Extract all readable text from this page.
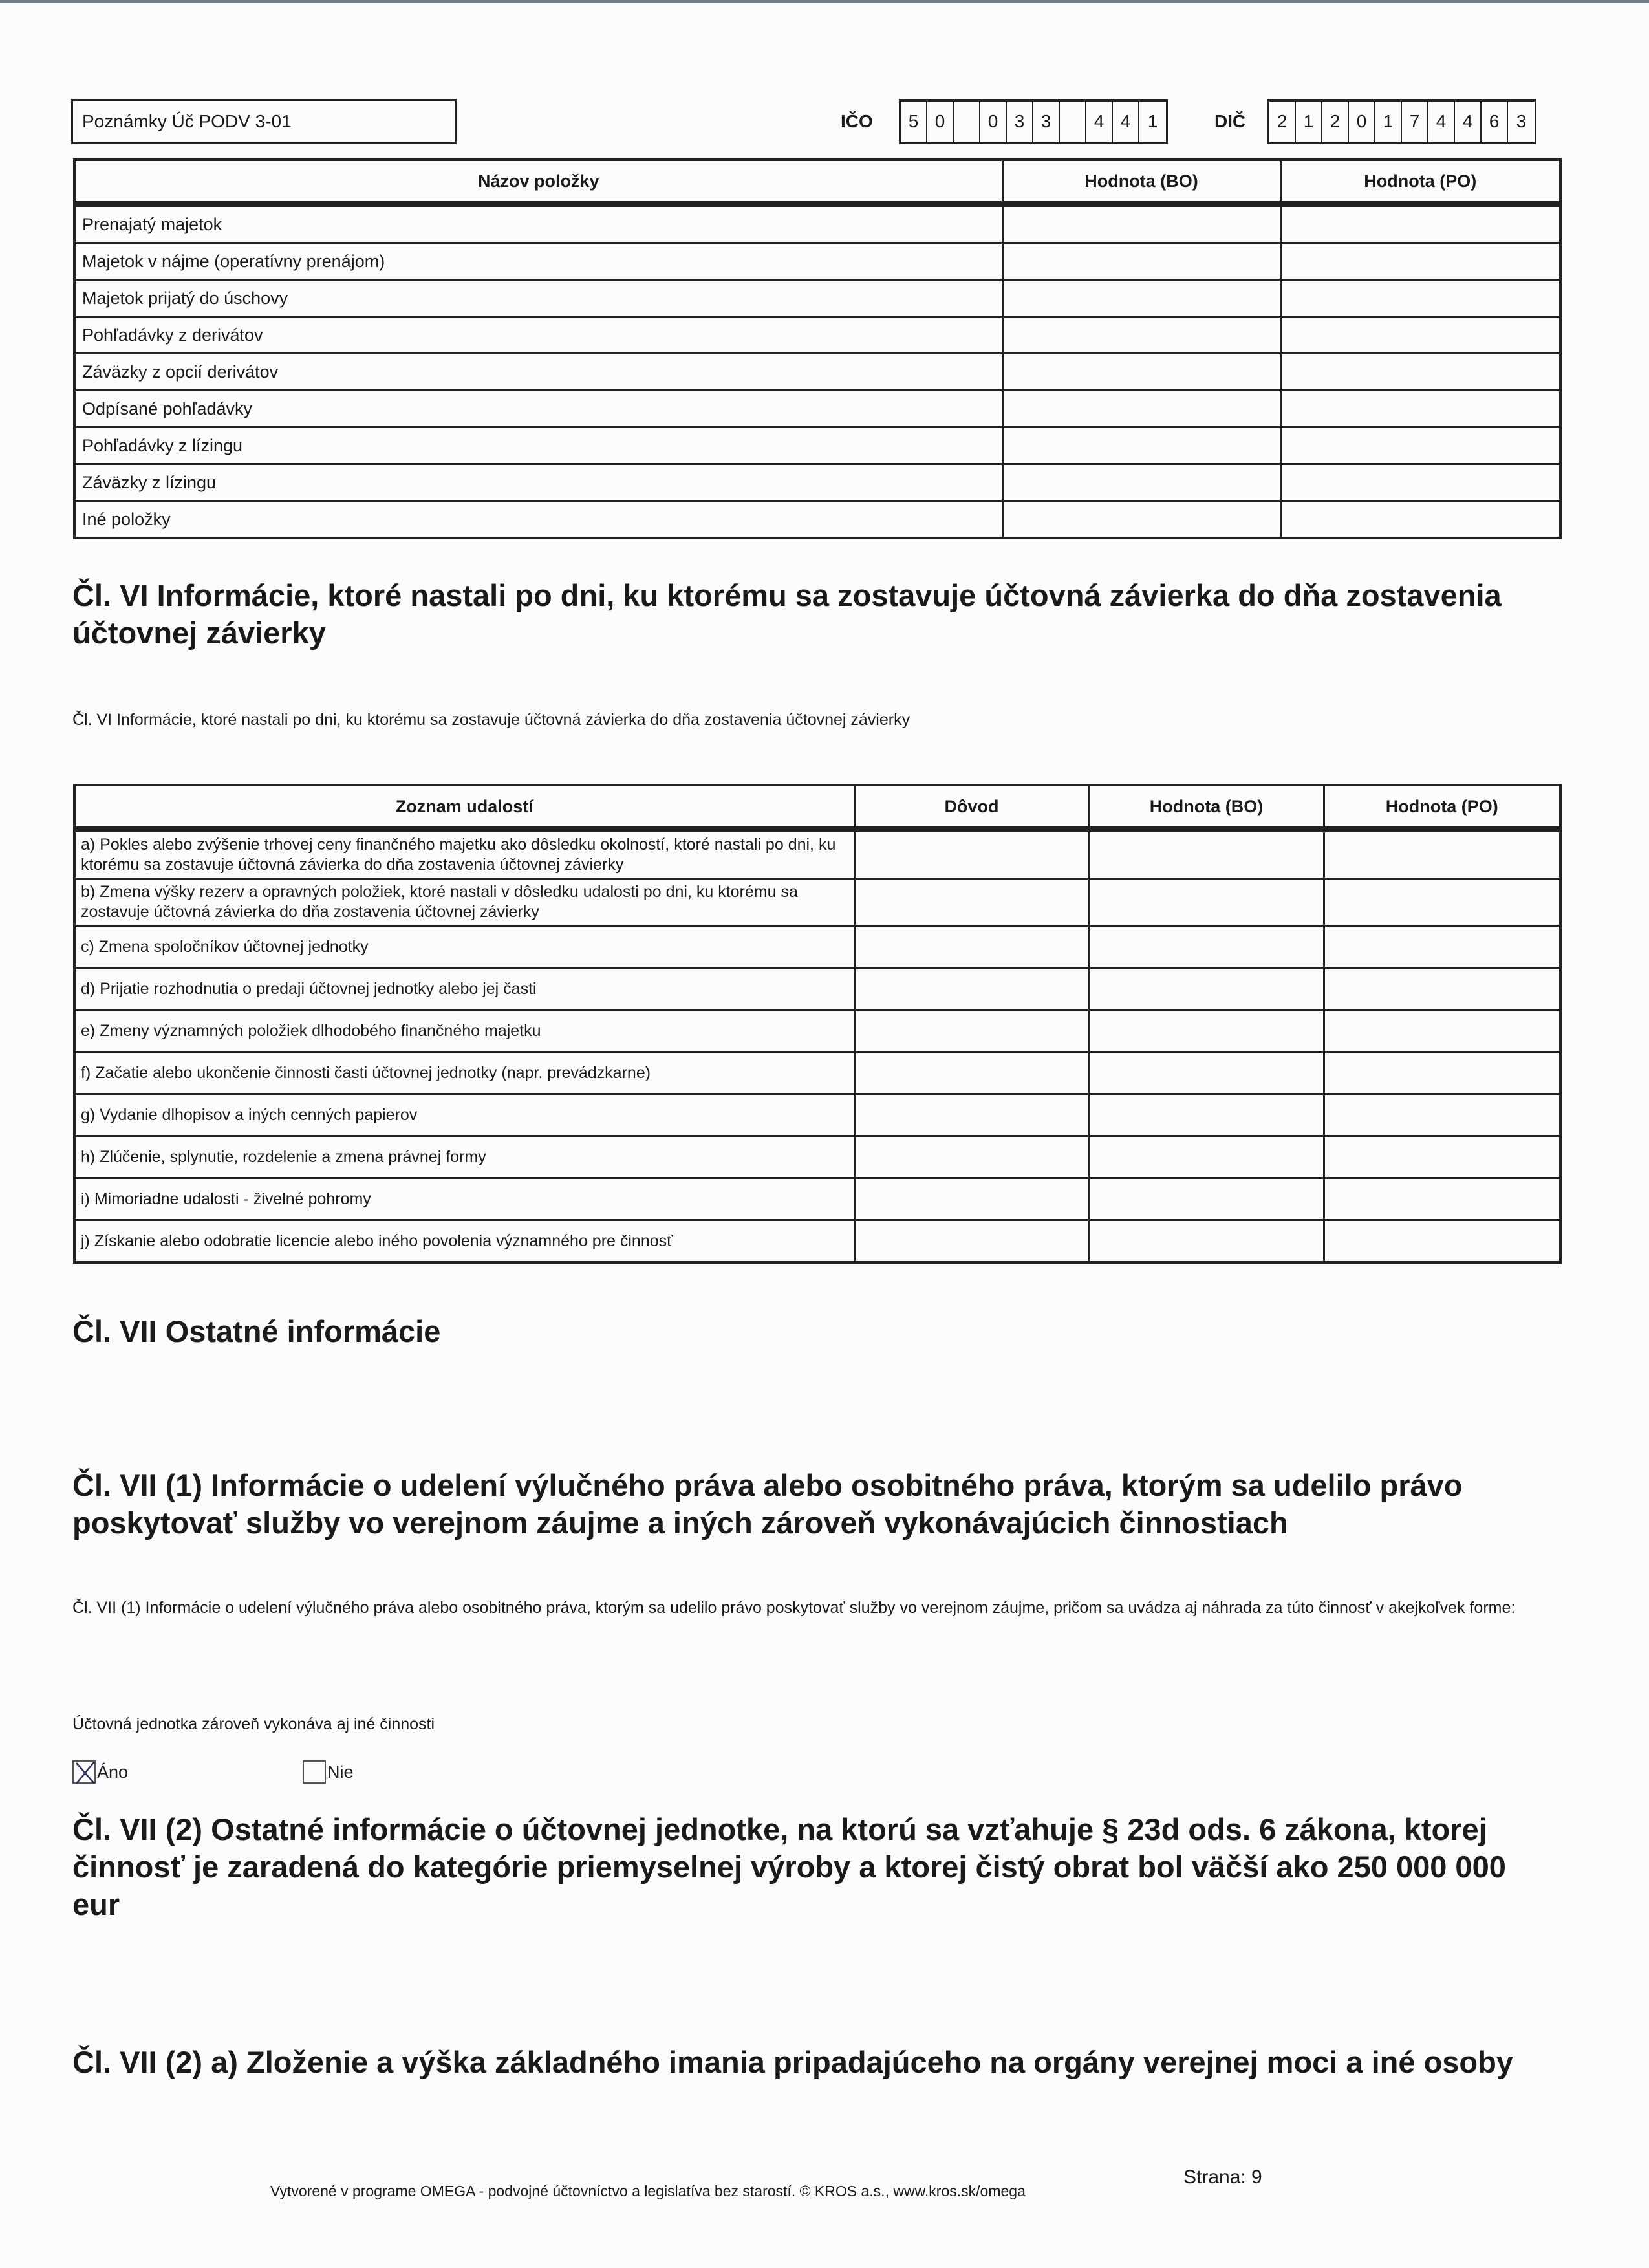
Poznámky Úč PODV 3-01	IČO	5 0	0 3 3	4 4 1	DIČ	2 1 2 0 1 7 4 4 6 3
Názov položky	Hodnota (BO)	Hodnota (PO)
Prenajatý majetok		
Majetok v nájme (operatívny prenájom)		
Majetok prijatý do úschovy		
Pohľadávky z derivátov		
Záväzky z opcií derivátov		
Odpísané pohľadávky		
Pohľadávky z lízingu		
Záväzky z lízingu		
Iné položky		
Čl. VI Informácie, ktoré nastali po dni, ku ktorému sa zostavuje účtovná závierka do dňa zostavenia účtovnej závierky
Čl. VI Informácie, ktoré nastali po dni, ku ktorému sa zostavuje účtovná závierka do dňa zostavenia účtovnej závierky
Zoznam udalostí	Dôvod	Hodnota (BO)	Hodnota (PO)
a) Pokles alebo zvýšenie trhovej ceny finančného majetku ako dôsledku okolností, ktoré nastali po dni, ku ktorému sa zostavuje účtovná závierka do dňa zostavenia účtovnej závierky			
b) Zmena výšky rezerv a opravných položiek, ktoré nastali v dôsledku udalosti po dni, ku ktorému sa zostavuje účtovná závierka do dňa zostavenia účtovnej závierky			
c) Zmena spoločníkov účtovnej jednotky			
d) Prijatie rozhodnutia o predaji účtovnej jednotky alebo jej časti			
e) Zmeny významných položiek dlhodobého finančného majetku			
f) Začatie alebo ukončenie činnosti časti účtovnej jednotky (napr. prevádzkarne)			
g) Vydanie dlhopisov a iných cenných papierov			
h) Zlúčenie, splynutie, rozdelenie a zmena právnej formy			
i) Mimoriadne udalosti - živelné pohromy			
j) Získanie alebo odobratie licencie alebo iného povolenia významného pre činnosť			
Čl. VII Ostatné informácie
Čl. VII (1) Informácie o udelení výlučného práva alebo osobitného práva, ktorým sa udelilo právo poskytovať služby vo verejnom záujme a iných zároveň vykonávajúcich činnostiach
Čl. VII (1) Informácie o udelení výlučného práva alebo osobitného práva, ktorým sa udelilo právo poskytovať služby vo verejnom záujme, pričom sa uvádza aj náhrada za túto činnosť v akejkoľvek forme:
Účtovná jednotka zároveň vykonáva aj iné činnosti
Áno	Nie
Čl. VII (2) Ostatné informácie o účtovnej jednotke, na ktorú sa vzťahuje § 23d ods. 6 zákona, ktorej činnosť je zaradená do kategórie priemyselnej výroby a ktorej čistý obrat bol väčší ako 250 000 000 eur
Čl. VII (2) a) Zloženie a výška základného imania pripadajúceho na orgány verejnej moci a iné osoby
Vytvorené v programe OMEGA - podvojné účtovníctvo a legislatíva bez starostí. © KROS a.s., www.kros.sk/omega
Strana: 9
